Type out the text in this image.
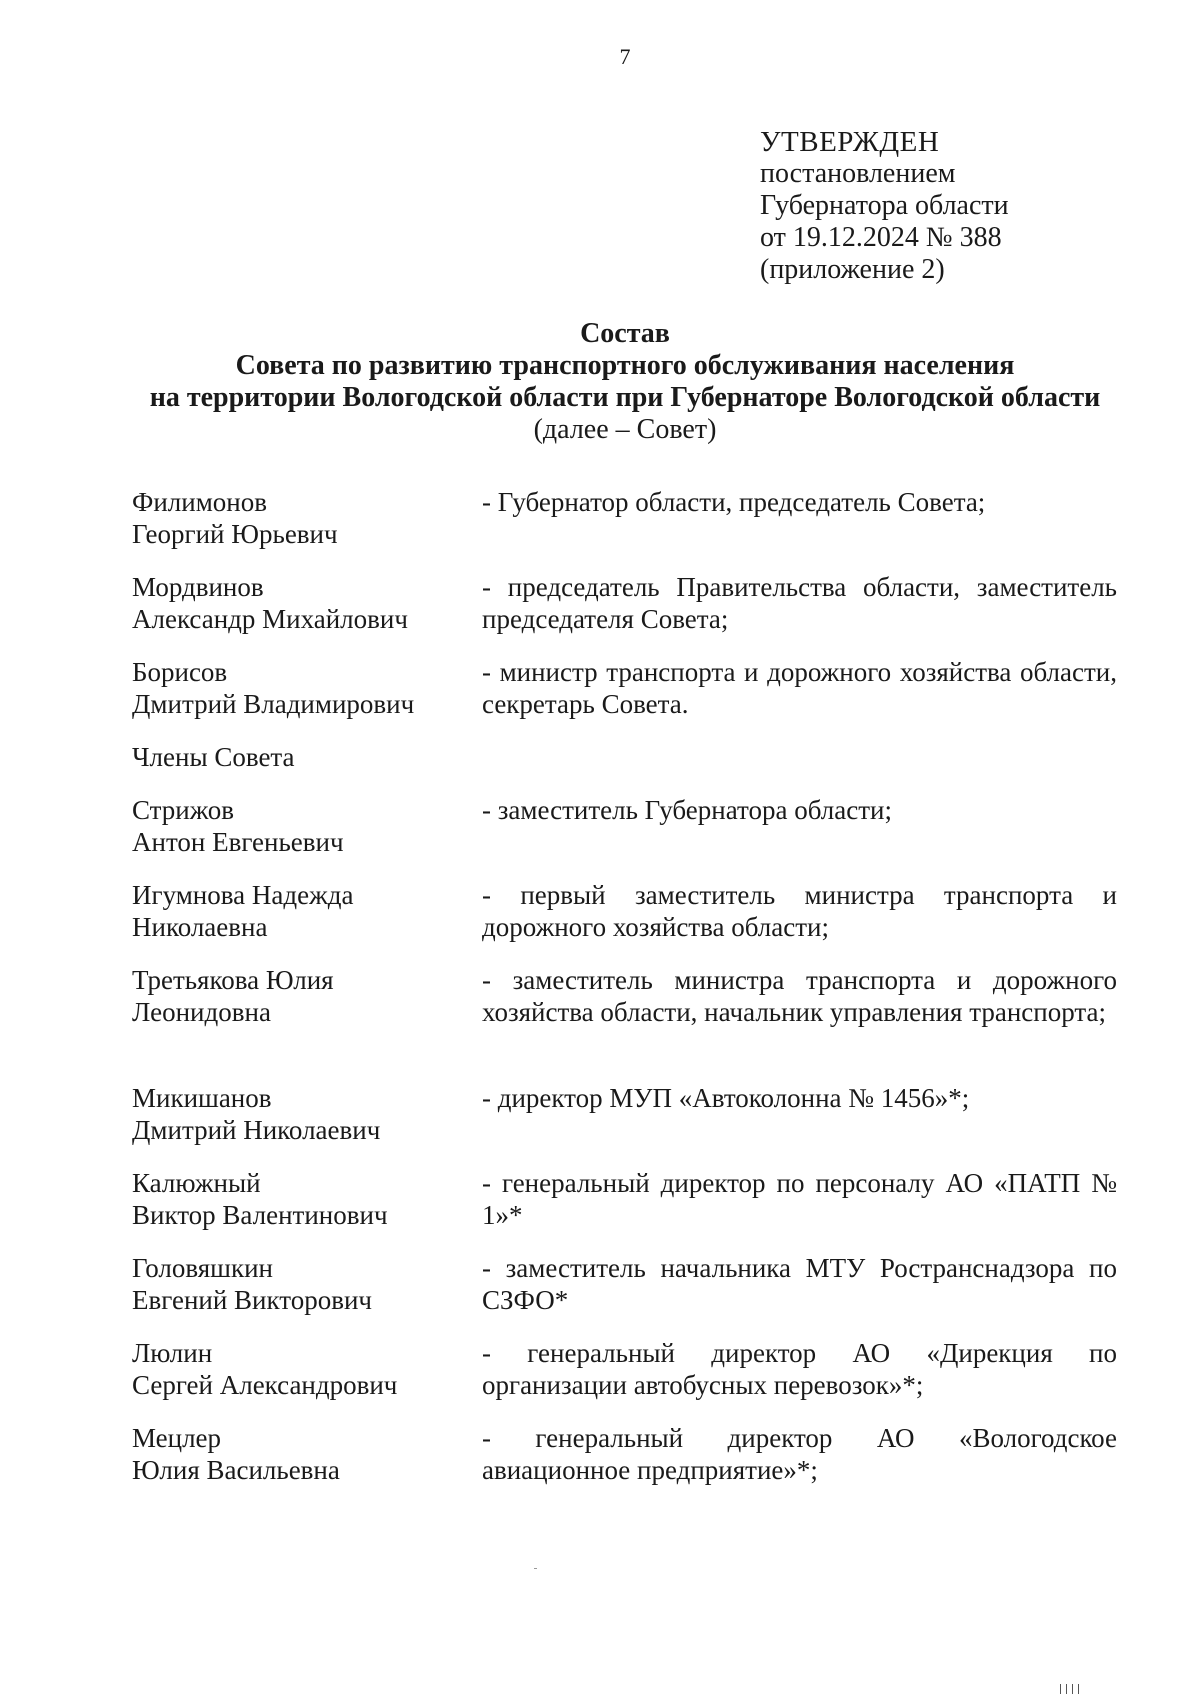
7
УТВЕРЖДЕН
постановлением
Губернатора области
от 19.12.2024 № 388
(приложение 2)
Состав
Совета по развитию транспортного обслуживания населения
на территории Вологодской области при Губернаторе Вологодской области
(далее – Совет)
Филимонов
Георгий Юрьевич
- Губернатор области, председатель Совета;
Мордвинов
Александр Михайлович
- председатель Правительства области, заместитель председателя Совета;
Борисов
Дмитрий Владимирович
- министр транспорта и дорожного хозяйства области, секретарь Совета.
Члены Совета
Стрижов
Антон Евгеньевич
- заместитель Губернатора области;
Игумнова Надежда
Николаевна
- первый заместитель министра транспорта и дорожного хозяйства области;
Третьякова Юлия
Леонидовна
- заместитель министра транспорта и дорожного хозяйства области, начальник управления транспорта;
Микишанов
Дмитрий Николаевич
- директор МУП «Автоколонна № 1456»*;
Калюжный
Виктор Валентинович
- генеральный директор по персоналу АО «ПАТП № 1»*
Головяшкин
Евгений Викторович
- заместитель начальника МТУ Ространснадзора по СЗФО*
Люлин
Сергей Александрович
- генеральный директор АО «Дирекция по организации автобусных перевозок»*;
Мецлер
Юлия Васильевна
- генеральный директор АО «Вологодское авиационное предприятие»*;
